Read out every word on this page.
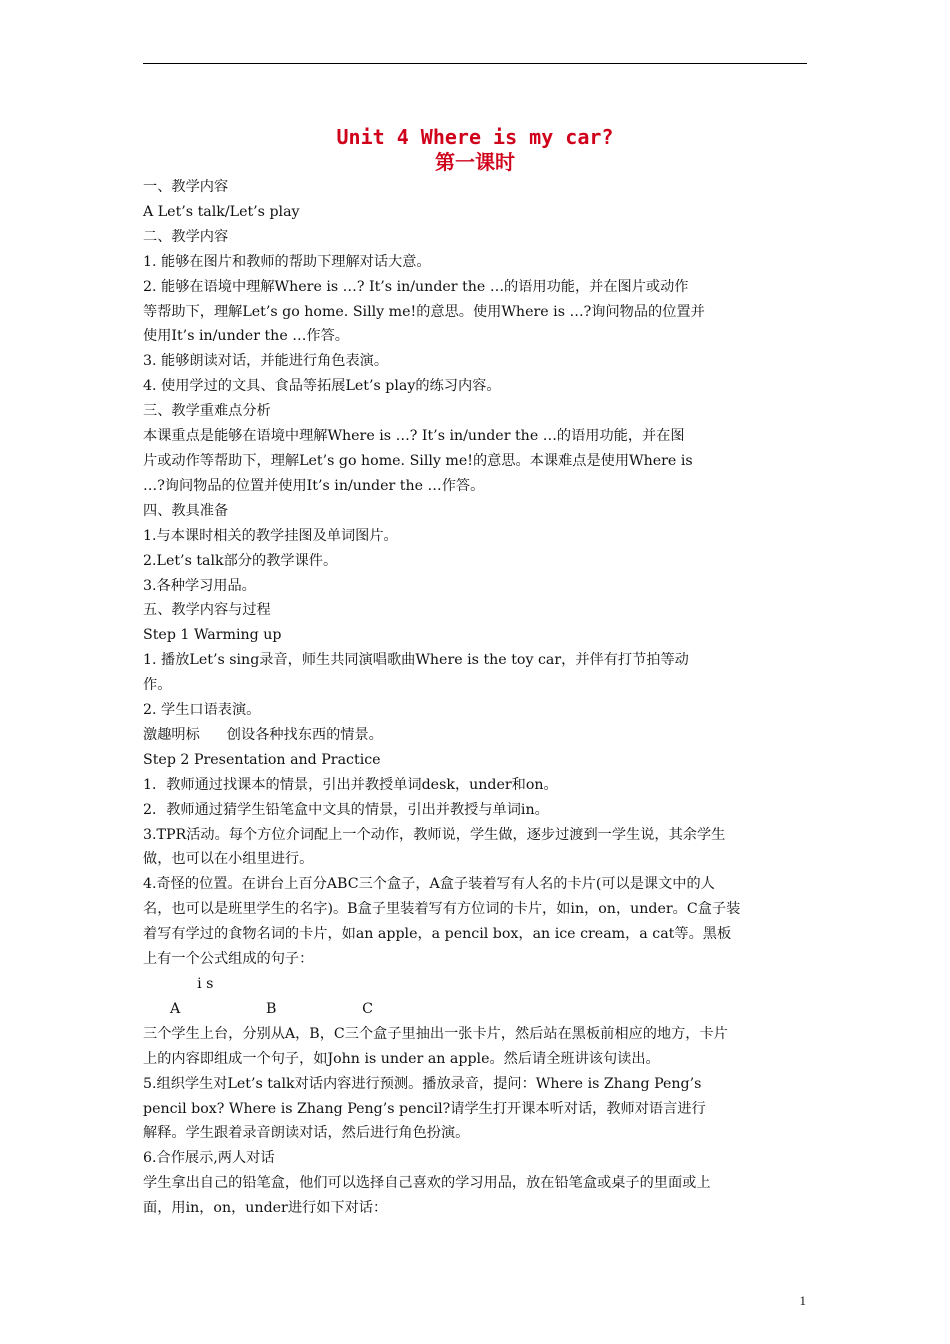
Unit 4 Where is my car?
第一课时

一、教学内容

A Let’s talk/Let’s play

二、教学内容

1. 能够在图片和教师的帮助下理解对话大意。

2. 能够在语境中理解Where is …? It’s in/under the …的语用功能，并在图片或动作

等帮助下，理解Let’s go home. Silly me!的意思。使用Where is …?询问物品的位置并

使用It’s in/under the …作答。

3. 能够朗读对话，并能进行角色表演。

4. 使用学过的文具、食品等拓展Let’s play的练习内容。

三、教学重难点分析

本课重点是能够在语境中理解Where is …? It’s in/under the …的语用功能，并在图

片或动作等帮助下，理解Let’s go home. Silly me!的意思。本课难点是使用Where is

…?询问物品的位置并使用It’s in/under the …作答。

四、教具准备

1.与本课时相关的教学挂图及单词图片。

2.Let’s talk部分的教学课件。

3.各种学习用品。

五、教学内容与过程

Step 1 Warming up

1. 播放Let’s sing录音，师生共同演唱歌曲Where is the toy car，并伴有打节拍等动

作。

2. 学生口语表演。

激趣明标      创设各种找东西的情景。

Step 2 Presentation and Practice

1．教师通过找课本的情景，引出并教授单词desk，under和on。

2．教师通过猜学生铅笔盒中文具的情景，引出并教授与单词in。

3.TPR活动。每个方位介词配上一个动作，教师说，学生做，逐步过渡到一学生说，其余学生

做，也可以在小组里进行。

4.奇怪的位置。在讲台上百分ABC三个盒子，A盒子装着写有人名的卡片(可以是课文中的人

名，也可以是班里学生的名字)。B盒子里装着写有方位词的卡片，如in，on，under。C盒子装

着写有学过的食物名词的卡片，如an apple，a pencil box，an ice cream，a cat等。黑板

上有一个公式组成的句子：

i s

A                   B                   C

三个学生上台，分别从A，B，C三个盒子里抽出一张卡片，然后站在黑板前相应的地方，卡片

上的内容即组成一个句子，如John is under an apple。然后请全班讲该句读出。

5.组织学生对Let’s talk对话内容进行预测。播放录音，提问：Where is Zhang Peng’s

pencil box? Where is Zhang Peng’s pencil?请学生打开课本听对话，教师对语言进行

解释。学生跟着录音朗读对话，然后进行角色扮演。

6.合作展示,两人对话

学生拿出自己的铅笔盒，他们可以选择自己喜欢的学习用品，放在铅笔盒或桌子的里面或上

面，用in，on，under进行如下对话：

1
